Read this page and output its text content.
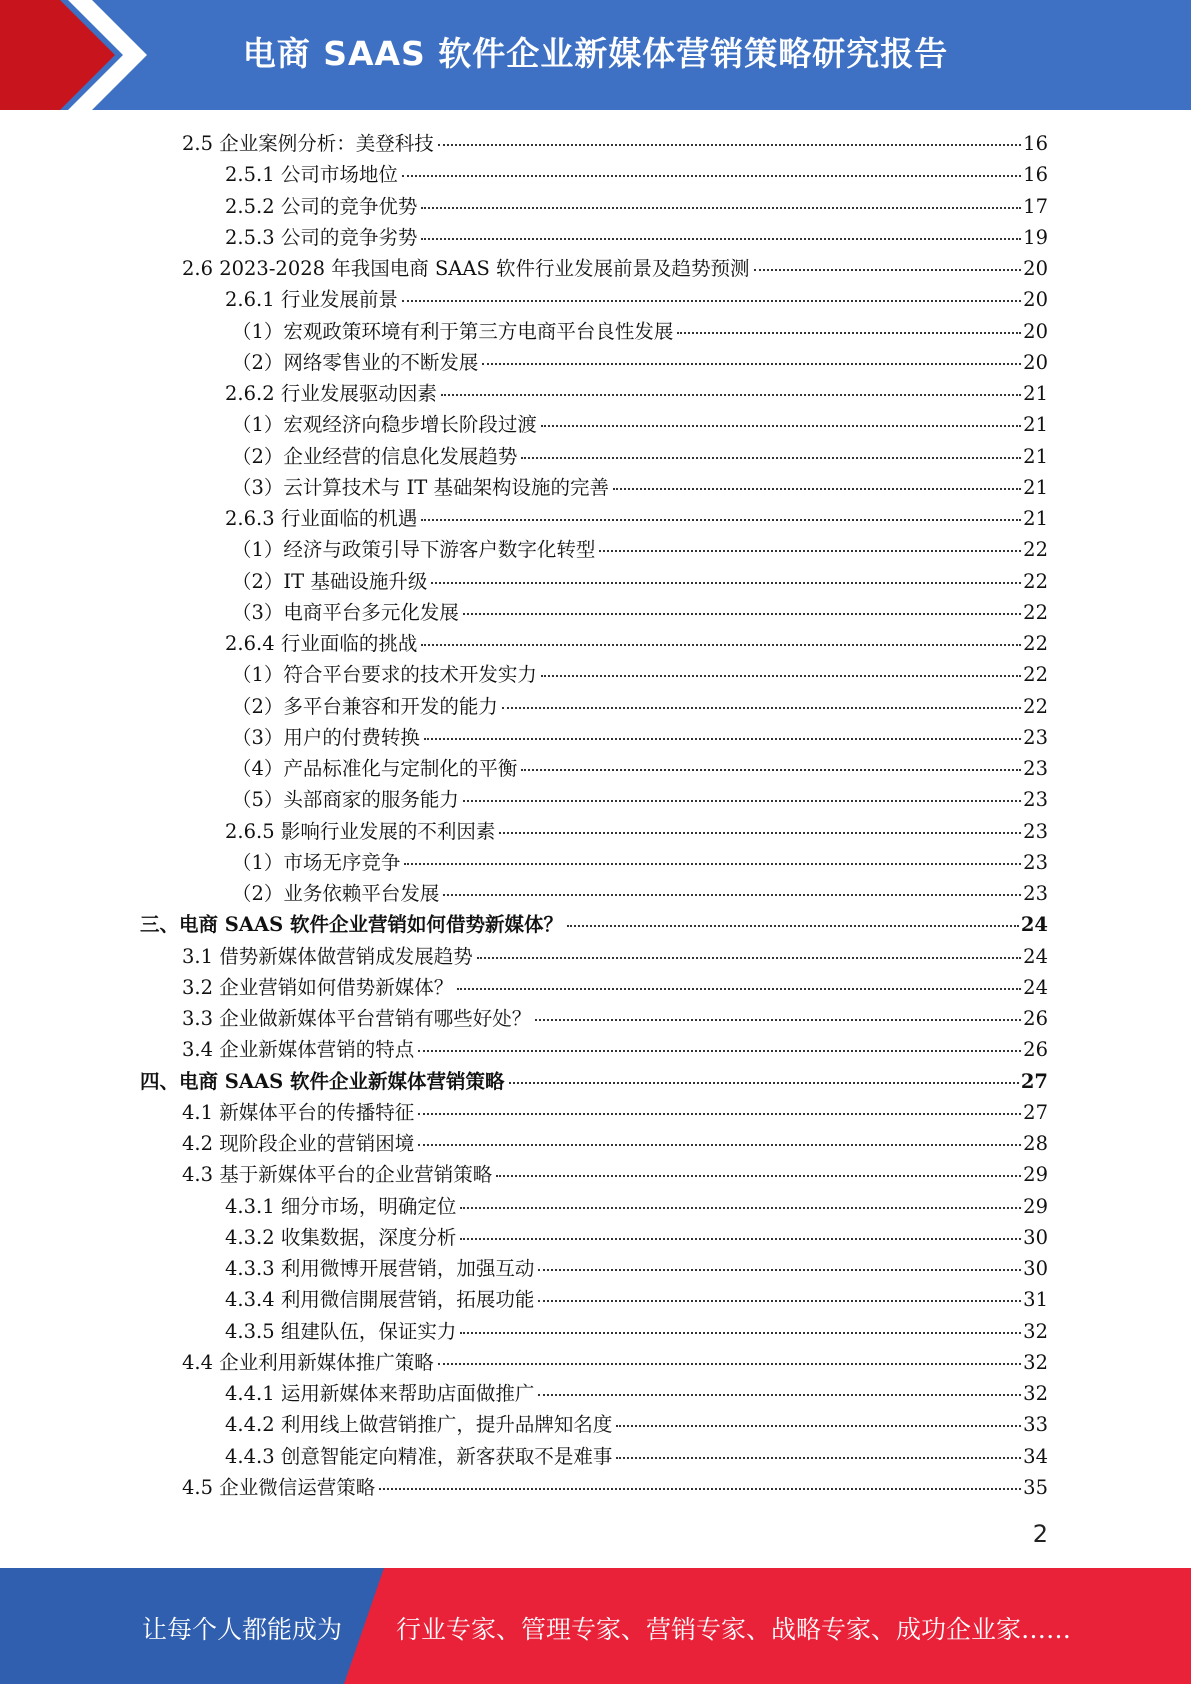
电商 SAAS 软件企业新媒体营销策略研究报告
2.5 企业案例分析：美登科技	16
2.5.1 公司市场地位	16
2.5.2 公司的竞争优势	17
2.5.3 公司的竞争劣势	19
2.6 2023-2028 年我国电商 SAAS 软件行业发展前景及趋势预测	20
2.6.1 行业发展前景	20
（1）宏观政策环境有利于第三方电商平台良性发展	20
（2）网络零售业的不断发展	20
2.6.2 行业发展驱动因素	21
（1）宏观经济向稳步增长阶段过渡	21
（2）企业经营的信息化发展趋势	21
（3）云计算技术与 IT 基础架构设施的完善	21
2.6.3 行业面临的机遇	21
（1）经济与政策引导下游客户数字化转型	22
（2）IT 基础设施升级	22
（3）电商平台多元化发展	22
2.6.4 行业面临的挑战	22
（1）符合平台要求的技术开发实力	22
（2）多平台兼容和开发的能力	22
（3）用户的付费转换	23
（4）产品标准化与定制化的平衡	23
（5）头部商家的服务能力	23
2.6.5 影响行业发展的不利因素	23
（1）市场无序竞争	23
（2）业务依赖平台发展	23
三、电商 SAAS 软件企业营销如何借势新媒体？	24
3.1 借势新媒体做营销成发展趋势	24
3.2 企业营销如何借势新媒体？	24
3.3 企业做新媒体平台营销有哪些好处？	26
3.4 企业新媒体营销的特点	26
四、电商 SAAS 软件企业新媒体营销策略	27
4.1 新媒体平台的传播特征	27
4.2 现阶段企业的营销困境	28
4.3 基于新媒体平台的企业营销策略	29
4.3.1 细分市场，明确定位	29
4.3.2 收集数据，深度分析	30
4.3.3 利用微博开展营销，加强互动	30
4.3.4 利用微信開展营销，拓展功能	31
4.3.5 组建队伍，保证实力	32
4.4 企业利用新媒体推广策略	32
4.4.1 运用新媒体来帮助店面做推广	32
4.4.2 利用线上做营销推广，提升品牌知名度	33
4.4.3 创意智能定向精准，新客获取不是难事	34
4.5 企业微信运营策略	35
2
让每个人都能成为 行业专家、管理专家、营销专家、战略专家、成功企业家……
